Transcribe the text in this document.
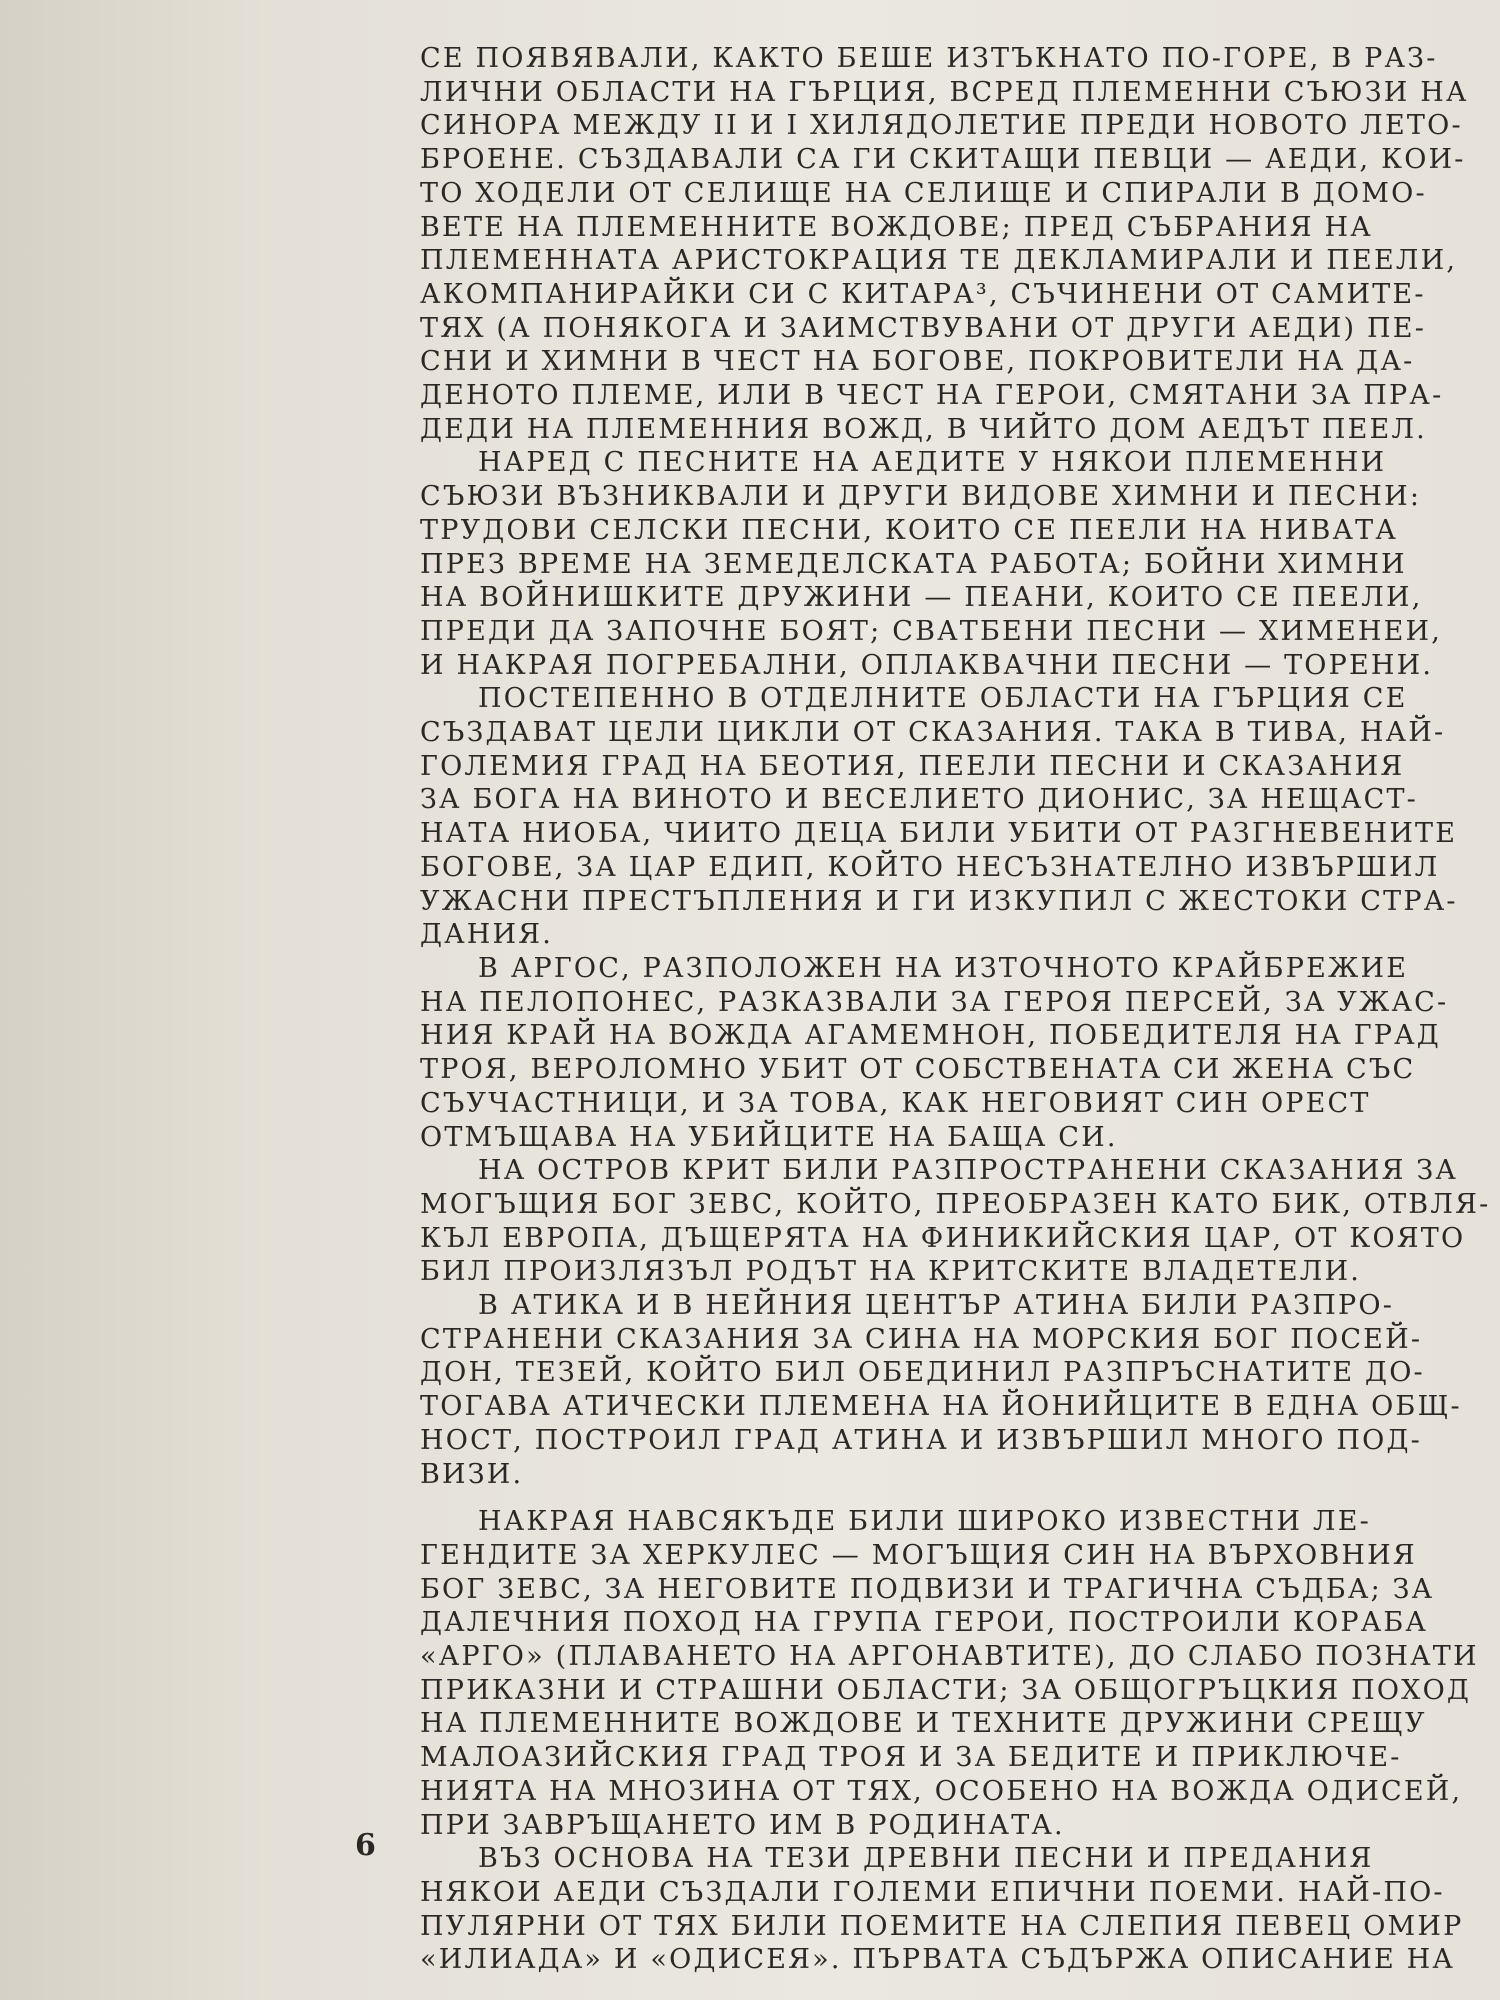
СЕ ПОЯВЯВАЛИ, КАКТО БЕШЕ ИЗТЪКНАТО ПО-ГОРЕ, В РАЗ-
ЛИЧНИ ОБЛАСТИ НА ГЪРЦИЯ, ВСРЕД ПЛЕМЕННИ СЪЮЗИ НА
СИНОРА МЕЖДУ II И I ХИЛЯДОЛЕТИЕ ПРЕДИ НОВОТО ЛЕТО-
БРОЕНЕ. СЪЗДАВАЛИ СА ГИ СКИТАЩИ ПЕВЦИ — АЕДИ, КОИ-
ТО ХОДЕЛИ ОТ СЕЛИЩЕ НА СЕЛИЩЕ И СПИРАЛИ В ДОМО-
ВЕТЕ НА ПЛЕМЕННИТЕ ВОЖДОВЕ; ПРЕД СЪБРАНИЯ НА
ПЛЕМЕННАТА АРИСТОКРАЦИЯ ТЕ ДЕКЛАМИРАЛИ И ПЕЕЛИ,
АКОМПАНИРАЙКИ СИ С КИТАРА³, СЪЧИНЕНИ ОТ САМИТЕ-
ТЯХ (А ПОНЯКОГА И ЗАИМСТВУВАНИ ОТ ДРУГИ АЕДИ) ПЕ-
СНИ И ХИМНИ В ЧЕСТ НА БОГОВЕ, ПОКРОВИТЕЛИ НА ДА-
ДЕНОТО ПЛЕМЕ, ИЛИ В ЧЕСТ НА ГЕРОИ, СМЯТАНИ ЗА ПРА-
ДЕДИ НА ПЛЕМЕННИЯ ВОЖД, В ЧИЙТО ДОМ АЕДЪТ ПЕЕЛ.

НАРЕД С ПЕСНИТЕ НА АЕДИТЕ У НЯКОИ ПЛЕМЕННИ
СЪЮЗИ ВЪЗНИКВАЛИ И ДРУГИ ВИДОВЕ ХИМНИ И ПЕСНИ:
ТРУДОВИ СЕЛСКИ ПЕСНИ, КОИТО СЕ ПЕЕЛИ НА НИВАТА
ПРЕЗ ВРЕМЕ НА ЗЕМЕДЕЛСКАТА РАБОТА; БОЙНИ ХИМНИ
НА ВОЙНИШКИТЕ ДРУЖИНИ — ПЕАНИ, КОИТО СЕ ПЕЕЛИ,
ПРЕДИ ДА ЗАПОЧНЕ БОЯТ; СВАТБЕНИ ПЕСНИ — ХИМЕНЕИ,
И НАКРАЯ ПОГРЕБАЛНИ, ОПЛАКВАЧНИ ПЕСНИ — ТОРЕНИ.

ПОСТЕПЕННО В ОТДЕЛНИТЕ ОБЛАСТИ НА ГЪРЦИЯ СЕ
СЪЗДАВАТ ЦЕЛИ ЦИКЛИ ОТ СКАЗАНИЯ. ТАКА В ТИВА, НАЙ-
ГОЛЕМИЯ ГРАД НА БЕОТИЯ, ПЕЕЛИ ПЕСНИ И СКАЗАНИЯ
ЗА БОГА НА ВИНОТО И ВЕСЕЛИЕТО ДИОНИС, ЗА НЕЩАСТ-
НАТА НИОБА, ЧИИТО ДЕЦА БИЛИ УБИТИ ОТ РАЗГНЕВЕНИТЕ
БОГОВЕ, ЗА ЦАР ЕДИП, КОЙТО НЕСЪЗНАТЕЛНО ИЗВЪРШИЛ
УЖАСНИ ПРЕСТЪПЛЕНИЯ И ГИ ИЗКУПИЛ С ЖЕСТОКИ СТРА-
ДАНИЯ.

В АРГОС, РАЗПОЛОЖЕН НА ИЗТОЧНОТО КРАЙБРЕЖИЕ
НА ПЕЛОПОНЕС, РАЗКАЗВАЛИ ЗА ГЕРОЯ ПЕРСЕЙ, ЗА УЖАС-
НИЯ КРАЙ НА ВОЖДА АГАМЕМНОН, ПОБЕДИТЕЛЯ НА ГРАД
ТРОЯ, ВЕРОЛОМНО УБИТ ОТ СОБСТВЕНАТА СИ ЖЕНА СЪС
СЪУЧАСТНИЦИ, И ЗА ТОВА, КАК НЕГОВИЯТ СИН ОРЕСТ
ОТМЪЩАВА НА УБИЙЦИТЕ НА БАЩА СИ.

НА ОСТРОВ КРИТ БИЛИ РАЗПРОСТРАНЕНИ СКАЗАНИЯ ЗА
МОГЪЩИЯ БОГ ЗЕВС, КОЙТО, ПРЕОБРАЗЕН КАТО БИК, ОТВЛЯ-
КЪЛ ЕВРОПА, ДЪЩЕРЯТА НА ФИНИКИЙСКИЯ ЦАР, ОТ КОЯТО
БИЛ ПРОИЗЛЯЗЪЛ РОДЪТ НА КРИТСКИТЕ ВЛАДЕТЕЛИ.

В АТИКА И В НЕЙНИЯ ЦЕНТЪР АТИНА БИЛИ РАЗПРО-
СТРАНЕНИ СКАЗАНИЯ ЗА СИНА НА МОРСКИЯ БОГ ПОСЕЙ-
ДОН, ТЕЗЕЙ, КОЙТО БИЛ ОБЕДИНИЛ РАЗПРЪСНАТИТЕ ДО-
ТОГАВА АТИЧЕСКИ ПЛЕМЕНА НА ЙОНИЙЦИТЕ В ЕДНА ОБЩ-
НОСТ, ПОСТРОИЛ ГРАД АТИНА И ИЗВЪРШИЛ МНОГО ПОД-
ВИЗИ.

НАКРАЯ НАВСЯКЪДЕ БИЛИ ШИРОКО ИЗВЕСТНИ ЛЕ-
ГЕНДИТЕ ЗА ХЕРКУЛЕС — МОГЪЩИЯ СИН НА ВЪРХОВНИЯ
БОГ ЗЕВС, ЗА НЕГОВИТЕ ПОДВИЗИ И ТРАГИЧНА СЪДБА; ЗА
ДАЛЕЧНИЯ ПОХОД НА ГРУПА ГЕРОИ, ПОСТРОИЛИ КОРАБА
«АРГО» (ПЛАВАНЕТО НА АРГОНАВТИТЕ), ДО СЛАБО ПОЗНАТИ
ПРИКАЗНИ И СТРАШНИ ОБЛАСТИ; ЗА ОБЩОГРЪЦКИЯ ПОХОД
НА ПЛЕМЕННИТЕ ВОЖДОВЕ И ТЕХНИТЕ ДРУЖИНИ СРЕЩУ
МАЛОАЗИЙСКИЯ ГРАД ТРОЯ И ЗА БЕДИТЕ И ПРИКЛЮЧЕ-
НИЯТА НА МНОЗИНА ОТ ТЯХ, ОСОБЕНО НА ВОЖДА ОДИСЕЙ,
ПРИ ЗАВРЪЩАНЕТО ИМ В РОДИНАТА.

ВЪЗ ОСНОВА НА ТЕЗИ ДРЕВНИ ПЕСНИ И ПРЕДАНИЯ
НЯКОИ АЕДИ СЪЗДАЛИ ГОЛЕМИ ЕПИЧНИ ПОЕМИ. НАЙ-ПО-
ПУЛЯРНИ ОТ ТЯХ БИЛИ ПОЕМИТЕ НА СЛЕПИЯ ПЕВЕЦ ОМИР
«ИЛИАДА» И «ОДИСЕЯ». ПЪРВАТА СЪДЪРЖА ОПИСАНИЕ НА

6
